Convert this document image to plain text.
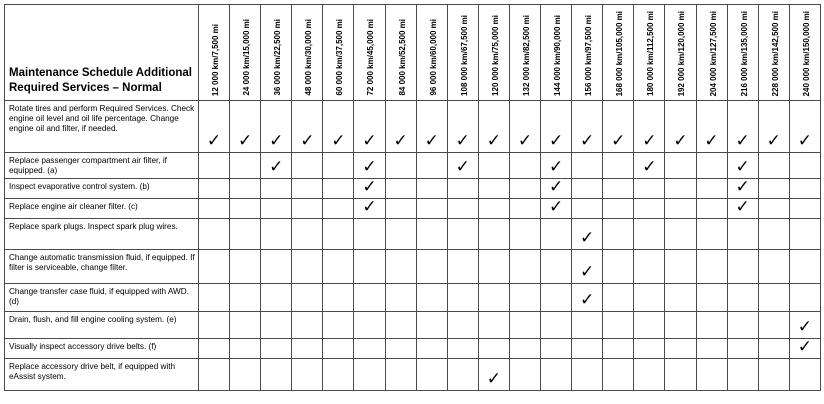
Maintenance Schedule Additional Required Services – Normal	12 000 km/7,500 mi	24 000 km/15,000 mi	36 000 km/22,500 mi	48 000 km/30,000 mi	60 000 km/37,500 mi	72 000 km/45,000 mi	84 000 km/52,500 mi	96 000 km/60,000 mi	108 000 km/67,500 mi	120 000 km/75,000 mi	132 000 km/82,500 mi	144 000 km/90,000 mi	156 000 km/97,500 mi	168 000 km/105,000 mi	180 000 km/112,500 mi	192 000 km/120,000 mi	204 000 km/127,500 mi	216 000 km/135,000 mi	228 000 km/142,500 mi	240 000 km/150,000 mi

Rotate tires and perform Required Services. Check engine oil level and oil life percentage. Change engine oil and filter, if needed.	✓	✓	✓	✓	✓	✓	✓	✓	✓	✓	✓	✓	✓	✓	✓	✓	✓	✓	✓	✓

Replace passenger compartment air filter, if equipped. (a)			✓			✓			✓			✓			✓			✓		

Inspect evaporative control system. (b)						✓						✓						✓		

Replace engine air cleaner filter. (c)						✓						✓						✓		

Replace spark plugs. Inspect spark plug wires.													✓							

Change automatic transmission fluid, if equipped. If filter is serviceable, change filter.													✓							

Change transfer case fluid, if equipped with AWD. (d)													✓							

Drain, flush, and fill engine cooling system. (e)																				✓

Visually inspect accessory drive belts. (f)																				✓

Replace accessory drive belt, if equipped with eAssist system.										✓										
